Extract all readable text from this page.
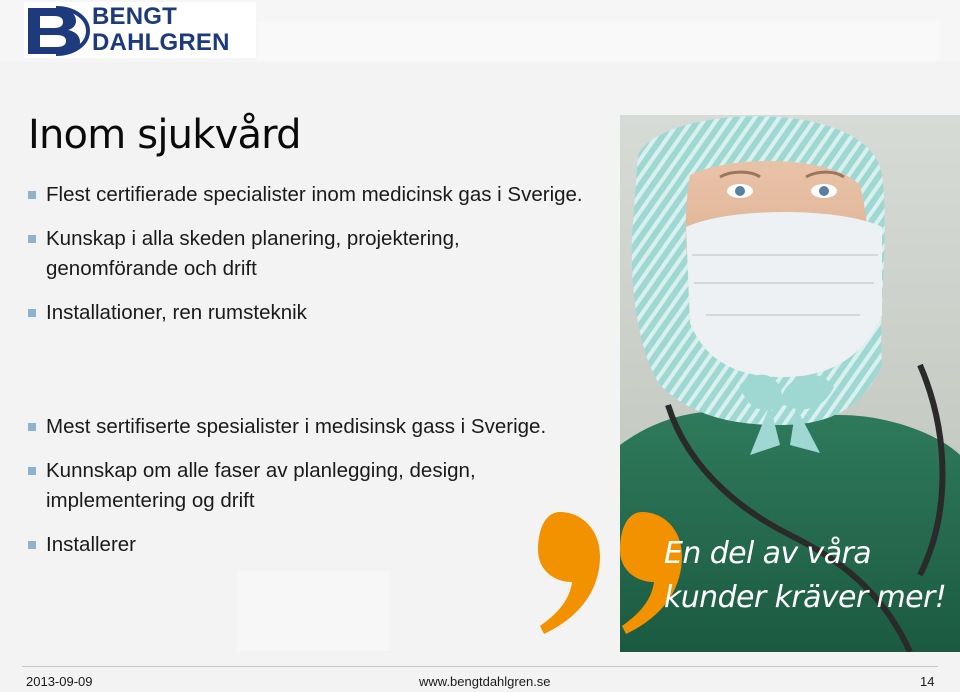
BENGT
DAHLGREN
Inom sjukvård
Flest certifierade specialister inom medicinsk gas i Sverige.
Kunskap i alla skeden planering, projektering, genomförande och drift
Installationer, ren rumsteknik
Mest sertifiserte spesialister i medisinsk gass i Sverige.
Kunnskap om alle faser av planlegging, design, implementering og drift
Installerer	En del av våra
kunder kräver mer!
2013-09-09	www.bengtdahlgren.se	14
